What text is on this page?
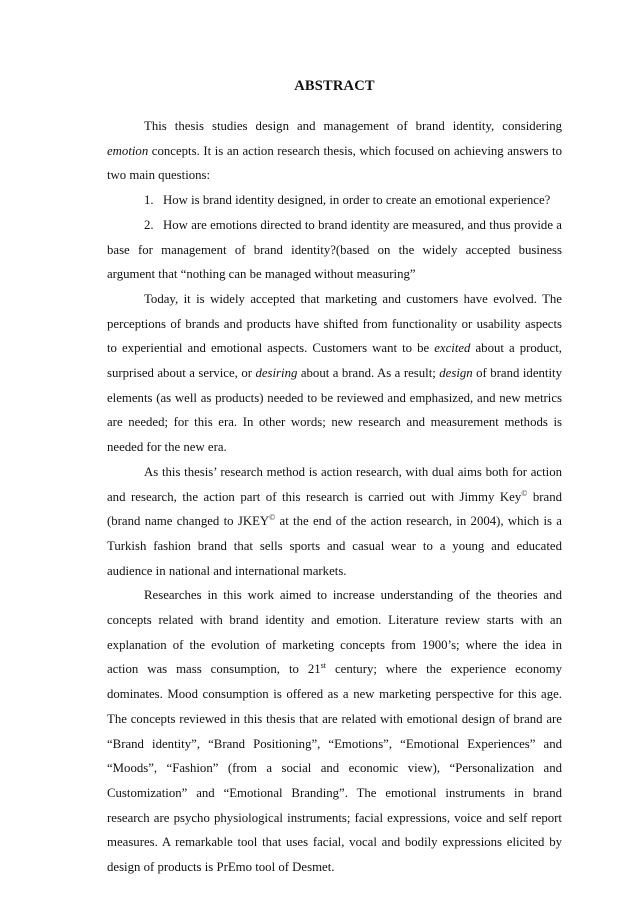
ABSTRACT

This thesis studies design and management of brand identity, considering emotion concepts. It is an action research thesis, which focused on achieving answers to two main questions:

1. How is brand identity designed, in order to create an emotional experience?

2. How are emotions directed to brand identity are measured, and thus provide a base for management of brand identity?(based on the widely accepted business argument that “nothing can be managed without measuring”

Today, it is widely accepted that marketing and customers have evolved. The perceptions of brands and products have shifted from functionality or usability aspects to experiential and emotional aspects. Customers want to be excited about a product, surprised about a service, or desiring about a brand. As a result; design of brand identity elements (as well as products) needed to be reviewed and emphasized, and new metrics are needed; for this era. In other words; new research and measurement methods is needed for the new era.

As this thesis’ research method is action research, with dual aims both for action and research, the action part of this research is carried out with Jimmy Key© brand (brand name changed to JKEY© at the end of the action research, in 2004), which is a Turkish fashion brand that sells sports and casual wear to a young and educated audience in national and international markets.

Researches in this work aimed to increase understanding of the theories and concepts related with brand identity and emotion. Literature review starts with an explanation of the evolution of marketing concepts from 1900’s; where the idea in action was mass consumption, to 21st century; where the experience economy dominates. Mood consumption is offered as a new marketing perspective for this age. The concepts reviewed in this thesis that are related with emotional design of brand are “Brand identity”, “Brand Positioning”, “Emotions”, “Emotional Experiences” and “Moods”, “Fashion” (from a social and economic view), “Personalization and Customization” and “Emotional Branding”. The emotional instruments in brand research are psycho physiological instruments; facial expressions, voice and self report measures. A remarkable tool that uses facial, vocal and bodily expressions elicited by design of products is PrEmo tool of Desmet.
